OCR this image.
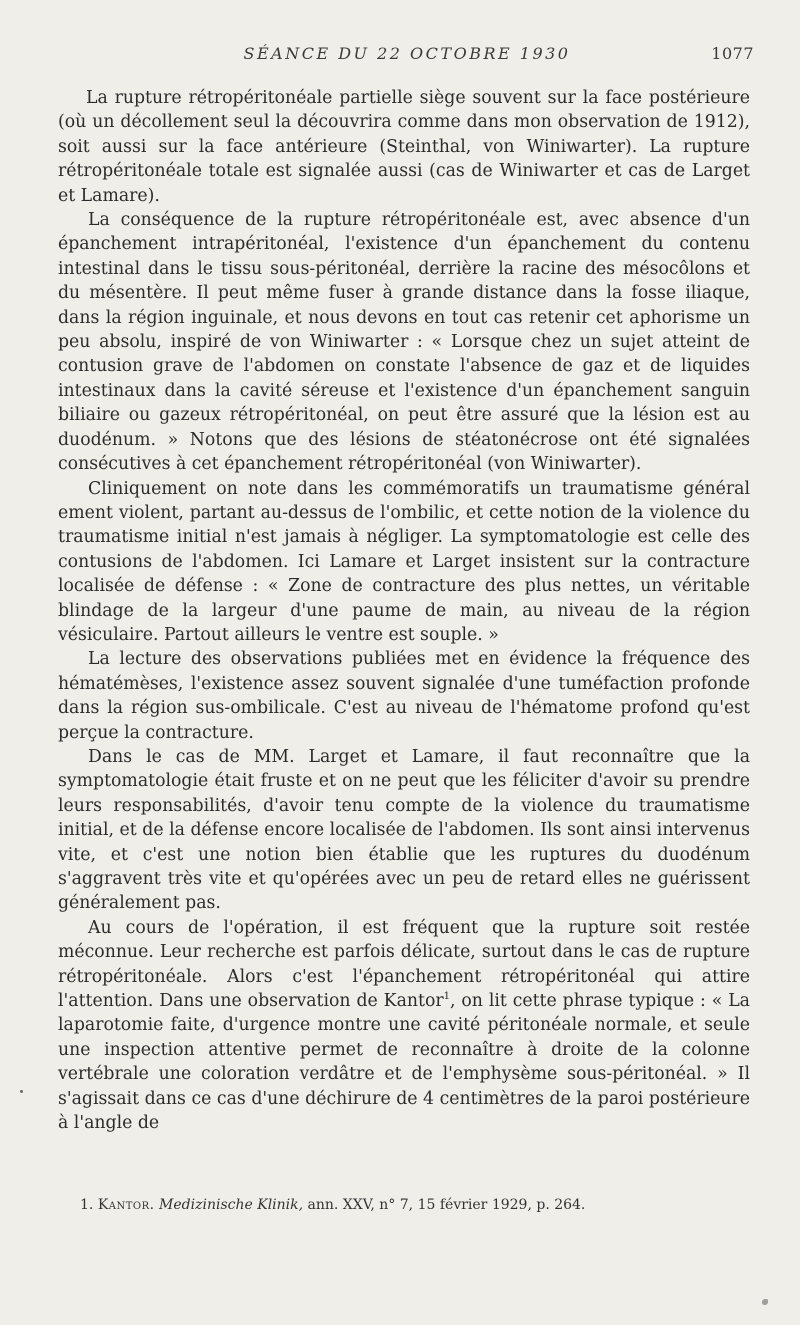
SÉANCE DU 22 OCTOBRE 1930	1077

La rupture rétropéritonéale partielle siège souvent sur la face postérieure (où un décollement seul la découvrira comme dans mon observation de 1912), soit aussi sur la face antérieure (Steinthal, von Winiwarter). La rupture rétropéritonéale totale est signalée aussi (cas de Winiwarter et cas de Larget et Lamare).

La conséquence de la rupture rétropéritonéale est, avec absence d'un épanchement intrapéritonéal, l'existence d'un épanchement du contenu intestinal dans le tissu sous-péritonéal, derrière la racine des mésocôlons et du mésentère. Il peut même fuser à grande distance dans la fosse iliaque, dans la région inguinale, et nous devons en tout cas retenir cet aphorisme un peu absolu, inspiré de von Winiwarter : « Lorsque chez un sujet atteint de contusion grave de l'abdomen on constate l'absence de gaz et de liquides intestinaux dans la cavité séreuse et l'existence d'un épanchement sanguin biliaire ou gazeux rétropéritonéal, on peut être assuré que la lésion est au duodénum. » Notons que des lésions de stéatonécrose ont été signalées consécutives à cet épanchement rétropéritonéal (von Winiwarter).

Cliniquement on note dans les commémoratifs un traumatisme général ement violent, partant au-dessus de l'ombilic, et cette notion de la violence du traumatisme initial n'est jamais à négliger. La symptomatologie est celle des contusions de l'abdomen. Ici Lamare et Larget insistent sur la contracture localisée de défense : « Zone de contracture des plus nettes, un véritable blindage de la largeur d'une paume de main, au niveau de la région vésiculaire. Partout ailleurs le ventre est souple. »

La lecture des observations publiées met en évidence la fréquence des hématémèses, l'existence assez souvent signalée d'une tuméfaction profonde dans la région sus-ombilicale. C'est au niveau de l'hématome profond qu'est perçue la contracture.

Dans le cas de MM. Larget et Lamare, il faut reconnaître que la symptomatologie était fruste et on ne peut que les féliciter d'avoir su prendre leurs responsabilités, d'avoir tenu compte de la violence du traumatisme initial, et de la défense encore localisée de l'abdomen. Ils sont ainsi intervenus vite, et c'est une notion bien établie que les ruptures du duodénum s'aggravent très vite et qu'opérées avec un peu de retard elles ne guérissent généralement pas.

Au cours de l'opération, il est fréquent que la rupture soit restée méconnue. Leur recherche est parfois délicate, surtout dans le cas de rupture rétropéritonéale. Alors c'est l'épanchement rétropéritonéal qui attire l'attention. Dans une observation de Kantor$^1$, on lit cette phrase typique : « La laparotomie faite, d'urgence montre une cavité péritonéale normale, et seule une inspection attentive permet de reconnaître à droite de la colonne vertébrale une coloration verdâtre et de l'emphysème sous-péritonéal. » Il s'agissait dans ce cas d'une déchirure de 4 centimètres de la paroi postérieure à l'angle de

1. Kantor. Medizinische Klinik, ann. XXV, n° 7, 15 février 1929, p. 264.
